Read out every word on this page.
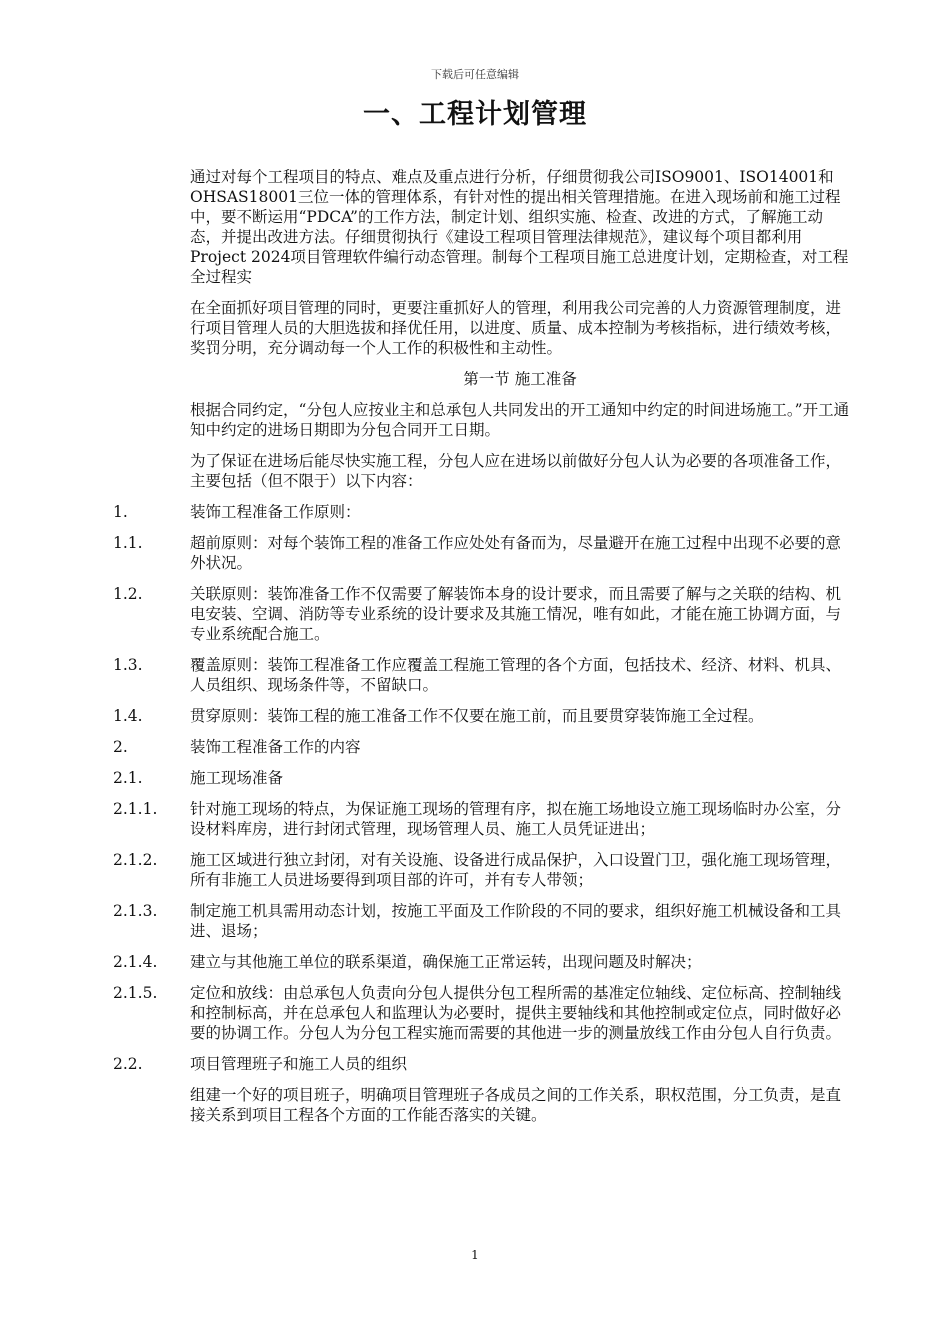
下载后可任意编辑
一、工程计划管理

通过对每个工程项目的特点、难点及重点进行分析，仔细贯彻我公司ISO9001、ISO14001和OHSAS18001三位一体的管理体系，有针对性的提出相关管理措施。在进入现场前和施工过程中，要不断运用“PDCA”的工作方法，制定计划、组织实施、检查、改进的方式，了解施工动态，并提出改进方法。仔细贯彻执行《建设工程项目管理法律规范》，建议每个项目都利用Project 2024项目管理软件编行动态管理。制每个工程项目施工总进度计划，定期检查，对工程全过程实

在全面抓好项目管理的同时，更要注重抓好人的管理，利用我公司完善的人力资源管理制度，进行项目管理人员的大胆选拔和择优任用，以进度、质量、成本控制为考核指标，进行绩效考核，奖罚分明，充分调动每一个人工作的积极性和主动性。

第一节 施工准备

根据合同约定，“分包人应按业主和总承包人共同发出的开工通知中约定的时间进场施工。”开工通知中约定的进场日期即为分包合同开工日期。

为了保证在进场后能尽快实施工程，分包人应在进场以前做好分包人认为必要的各项准备工作，主要包括（但不限于）以下内容：

1.	装饰工程准备工作原则：
1.1.	超前原则：对每个装饰工程的准备工作应处处有备而为，尽量避开在施工过程中出现不必要的意外状况。
1.2.	关联原则：装饰准备工作不仅需要了解装饰本身的设计要求，而且需要了解与之关联的结构、机电安装、空调、消防等专业系统的设计要求及其施工情况，唯有如此，才能在施工协调方面，与专业系统配合施工。
1.3.	覆盖原则：装饰工程准备工作应覆盖工程施工管理的各个方面，包括技术、经济、材料、机具、人员组织、现场条件等，不留缺口。
1.4.	贯穿原则：装饰工程的施工准备工作不仅要在施工前，而且要贯穿装饰施工全过程。
2.	装饰工程准备工作的内容
2.1.	施工现场准备
2.1.1.	针对施工现场的特点，为保证施工现场的管理有序，拟在施工场地设立施工现场临时办公室，分设材料库房，进行封闭式管理，现场管理人员、施工人员凭证进出；
2.1.2.	施工区域进行独立封闭，对有关设施、设备进行成品保护，入口设置门卫，强化施工现场管理，所有非施工人员进场要得到项目部的许可，并有专人带领；
2.1.3.	制定施工机具需用动态计划，按施工平面及工作阶段的不同的要求，组织好施工机械设备和工具进、退场；
2.1.4.	建立与其他施工单位的联系渠道，确保施工正常运转，出现问题及时解决；
2.1.5.	定位和放线：由总承包人负责向分包人提供分包工程所需的基准定位轴线、定位标高、控制轴线和控制标高，并在总承包人和监理认为必要时，提供主要轴线和其他控制或定位点，同时做好必要的协调工作。分包人为分包工程实施而需要的其他进一步的测量放线工作由分包人自行负责。
2.2.	项目管理班子和施工人员的组织

组建一个好的项目班子，明确项目管理班子各成员之间的工作关系，职权范围，分工负责，是直接关系到项目工程各个方面的工作能否落实的关键。

1
